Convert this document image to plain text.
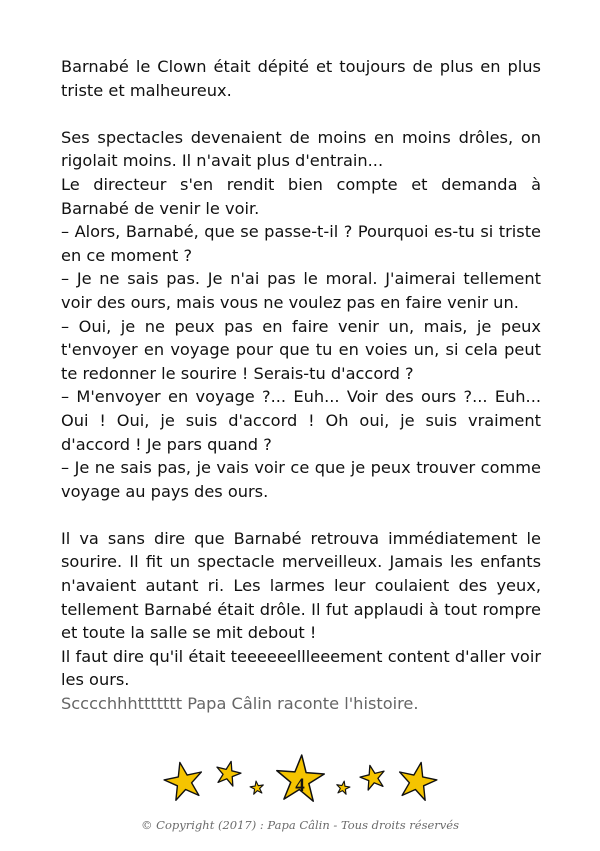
Barnabé le Clown était dépité et toujours de plus en plus triste et malheureux.

Ses spectacles devenaient de moins en moins drôles, on rigolait moins. Il n'avait plus d'entrain...

Le directeur s'en rendit bien compte et demanda à Barnabé de venir le voir.

– Alors, Barnabé, que se passe-t-il ? Pourquoi es-tu si triste en ce moment ?

– Je ne sais pas. Je n'ai pas le moral. J'aimerai tellement voir des ours, mais vous ne voulez pas en faire venir un.

– Oui, je ne peux pas en faire venir un, mais, je peux t'envoyer en voyage pour que tu en voies un, si cela peut te redonner le sourire ! Serais-tu d'accord ?

– M'envoyer en voyage ?... Euh... Voir des ours ?... Euh... Oui ! Oui, je suis d'accord ! Oh oui, je suis vraiment d'accord ! Je pars quand ?

– Je ne sais pas, je vais voir ce que je peux trouver comme voyage au pays des ours.

Il va sans dire que Barnabé retrouva immédiatement le sourire. Il fit un spectacle merveilleux. Jamais les enfants n'avaient autant ri. Les larmes leur coulaient des yeux, tellement Barnabé était drôle. Il fut applaudi à tout rompre et toute la salle se mit debout !

Il faut dire qu'il était teeeeeellleeement content d'aller voir les ours.

Scccchhhttttttt Papa Câlin raconte l'histoire.

4
© Copyright (2017) : Papa Câlin - Tous droits réservés
